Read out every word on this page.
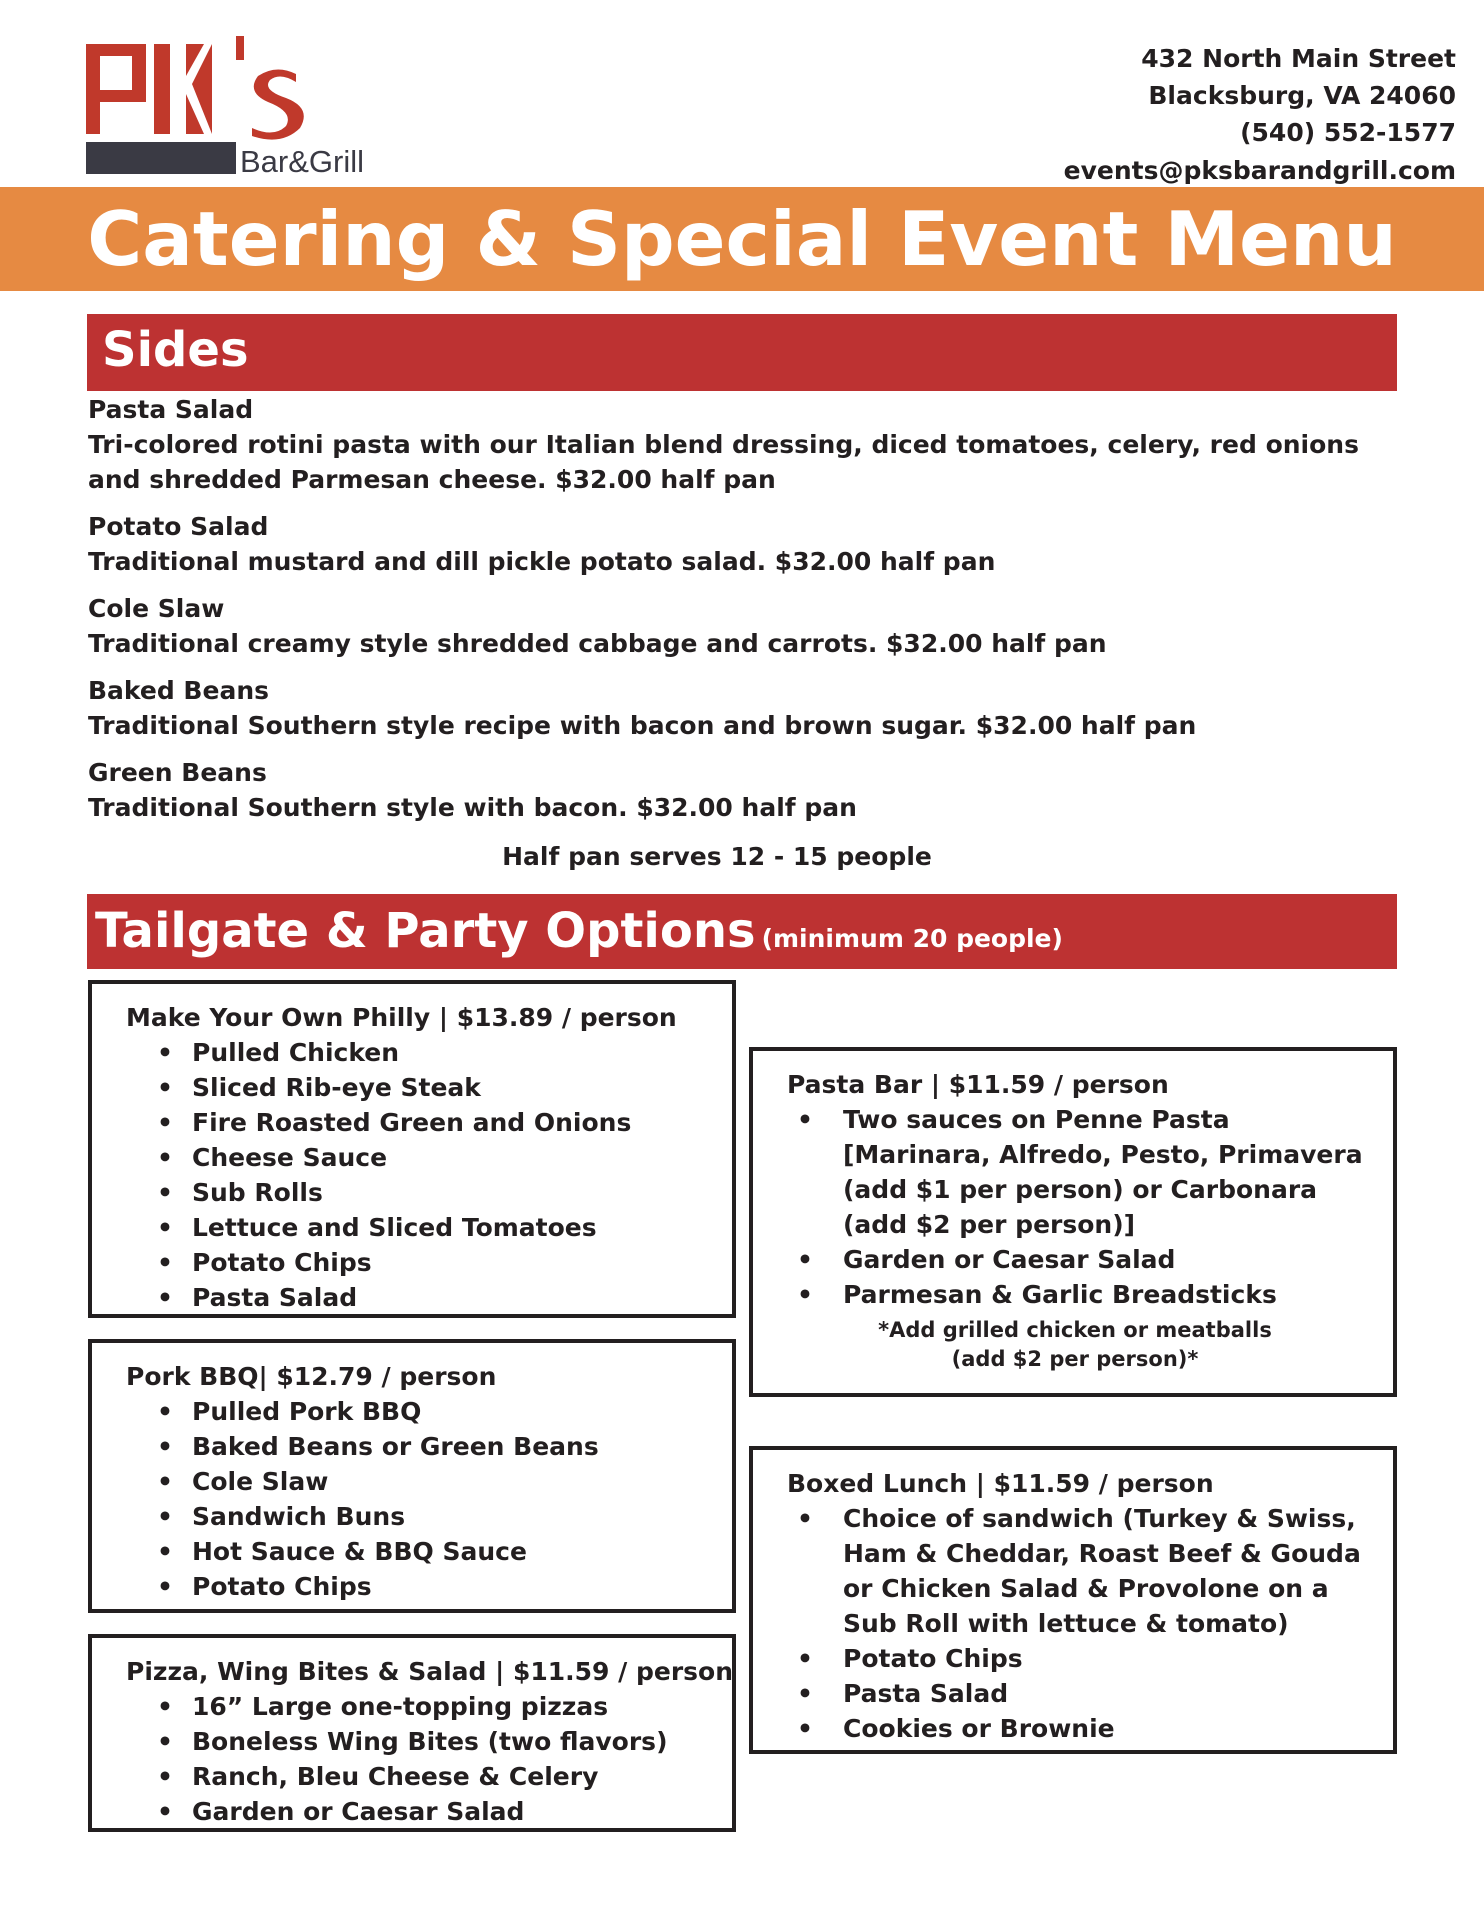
Bar&Grill
432 North Main Street
Blacksburg, VA 24060
(540) 552-1577
events@pksbarandgrill.com
Catering & Special Event Menu
Sides
Pasta Salad
Tri-colored rotini pasta with our Italian blend dressing, diced tomatoes, celery, red onions and shredded Parmesan cheese. $32.00 half pan
Potato Salad
Traditional mustard and dill pickle potato salad. $32.00 half pan
Cole Slaw
Traditional creamy style shredded cabbage and carrots. $32.00 half pan
Baked Beans
Traditional Southern style recipe with bacon and brown sugar. $32.00 half pan
Green Beans
Traditional Southern style with bacon. $32.00 half pan
Half pan serves 12 - 15 people
Tailgate & Party Options (minimum 20 people)
Make Your Own Philly | $13.89 / person
• Pulled Chicken
• Sliced Rib-eye Steak
• Fire Roasted Green and Onions
• Cheese Sauce
• Sub Rolls
• Lettuce and Sliced Tomatoes
• Potato Chips
• Pasta Salad
Pork BBQ| $12.79 / person
• Pulled Pork BBQ
• Baked Beans or Green Beans
• Cole Slaw
• Sandwich Buns
• Hot Sauce & BBQ Sauce
• Potato Chips
Pizza, Wing Bites & Salad | $11.59 / person
• 16” Large one-topping pizzas
• Boneless Wing Bites (two flavors)
• Ranch, Bleu Cheese & Celery
• Garden or Caesar Salad
Pasta Bar | $11.59 / person
• Two sauces on Penne Pasta [Marinara, Alfredo, Pesto, Primavera (add $1 per person) or Carbonara (add $2 per person)]
• Garden or Caesar Salad
• Parmesan & Garlic Breadsticks
*Add grilled chicken or meatballs
(add $2 per person)*
Boxed Lunch | $11.59 / person
• Choice of sandwich (Turkey & Swiss, Ham & Cheddar, Roast Beef & Gouda or Chicken Salad & Provolone on a Sub Roll with lettuce & tomato)
• Potato Chips
• Pasta Salad
• Cookies or Brownie
